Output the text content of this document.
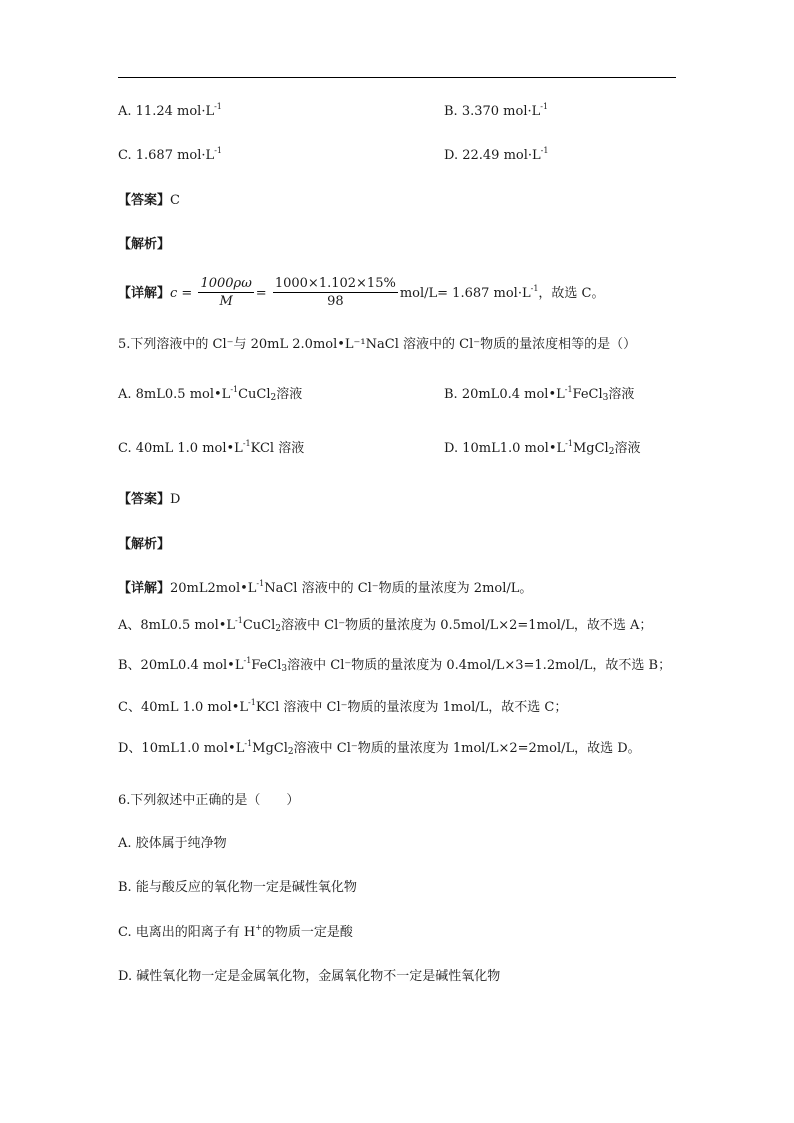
A. 11.24 $mol\cdot L^{-1}$	B. 3.370 $mol\cdot L^{-1}$
C. 1.687 $mol\cdot L^{-1}$	D. 22.49 $mol\cdot L^{-1}$
【答案】C
【解析】
【详解】$c = \frac{1000\rho\omega}{M} = \frac{1000\times 1.102\times 15\%}{98} mol/L= 1.687$ $mol\cdot L^{-1}$，故选 C。
5.下列溶液中的 Cl⁻与 20mL 2.0mol•L⁻¹NaCl 溶液中的 Cl⁻物质的量浓度相等的是（）
A. 8mL0.5 $mol•L^{-1}CuCl_2$溶液	B. 20mL0.4 $mol•L^{-1}FeCl_3$溶液
C. 40mL 1.0 $mol•L^{-1}KCl$ 溶液	D. 10mL1.0 $mol•L^{-1}MgCl_2$溶液
【答案】D
【解析】
【详解】$20mL2mol•L^{-1}NaCl$ 溶液中的 Cl⁻物质的量浓度为 2mol/L。
A、8mL0.5 $mol•L^{-1}CuCl_2$溶液中 Cl⁻物质的量浓度为 0.5mol/L×2=1mol/L，故不选 A；
B、20mL0.4 $mol•L^{-1}FeCl_3$溶液中 Cl⁻物质的量浓度为 0.4mol/L×3=1.2mol/L，故不选 B；
C、40mL 1.0 $mol•L^{-1}KCl$ 溶液中 Cl⁻物质的量浓度为 1mol/L，故不选 C；
D、10mL1.0 $mol•L^{-1}MgCl_2$溶液中 Cl⁻物质的量浓度为 1mol/L×2=2mol/L，故选 D。
6.下列叙述中正确的是（　　）
A. 胶体属于纯净物
B. 能与酸反应的氧化物一定是碱性氧化物
C. 电离出的阳离子有 H+的物质一定是酸
D. 碱性氧化物一定是金属氧化物，金属氧化物不一定是碱性氧化物
